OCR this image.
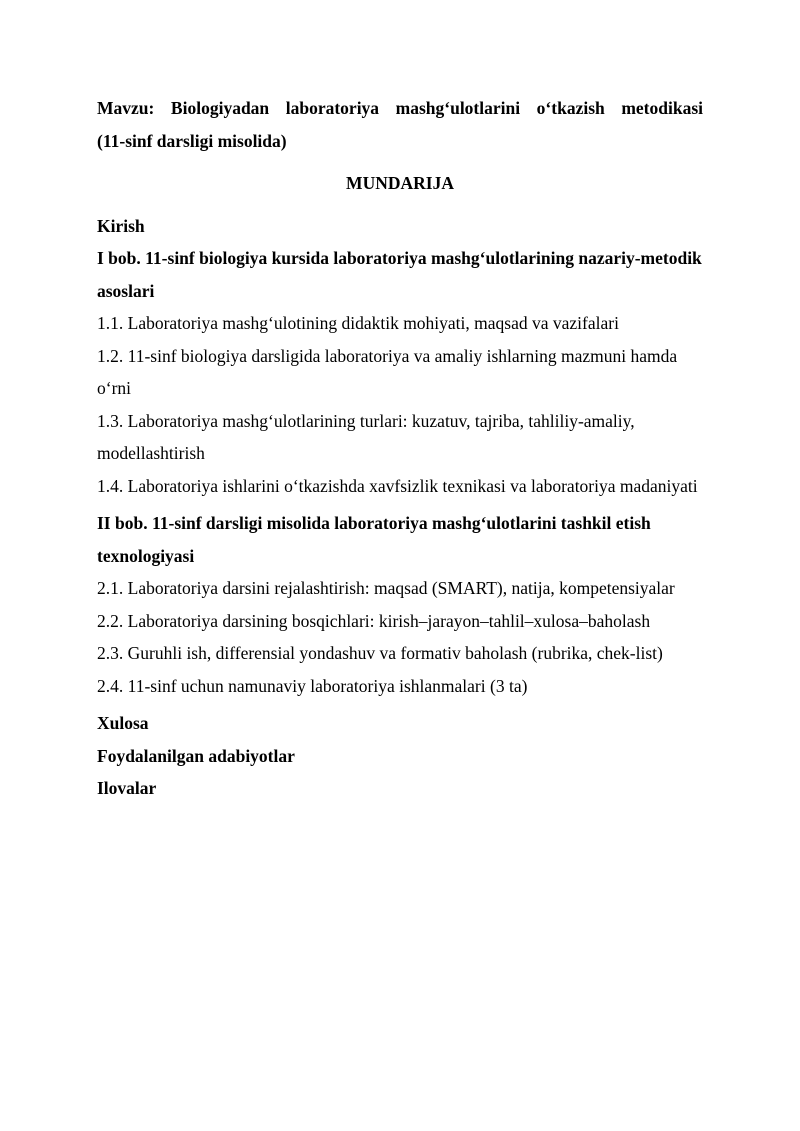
Mavzu: Biologiyadan laboratoriya mashg‘ulotlarini o‘tkazish metodikasi
(11-sinf darsligi misolida)
MUNDARIJA

Kirish

I bob. 11-sinf biologiya kursida laboratoriya mashg‘ulotlarining nazariy-metodik asoslari

1.1. Laboratoriya mashg‘ulotining didaktik mohiyati, maqsad va vazifalari

1.2. 11-sinf biologiya darsligida laboratoriya va amaliy ishlarning mazmuni hamda o‘rni

1.3. Laboratoriya mashg‘ulotlarining turlari: kuzatuv, tajriba, tahliliy-amaliy, modellashtirish

1.4. Laboratoriya ishlarini o‘tkazishda xavfsizlik texnikasi va laboratoriya madaniyati

II bob. 11-sinf darsligi misolida laboratoriya mashg‘ulotlarini tashkil etish texnologiyasi

2.1. Laboratoriya darsini rejalashtirish: maqsad (SMART), natija, kompetensiyalar

2.2. Laboratoriya darsining bosqichlari: kirish–jarayon–tahlil–xulosa–baholash

2.3. Guruhli ish, differensial yondashuv va formativ baholash (rubrika, chek-list)

2.4. 11-sinf uchun namunaviy laboratoriya ishlanmalari (3 ta)

Xulosa

Foydalanilgan adabiyotlar

Ilovalar
